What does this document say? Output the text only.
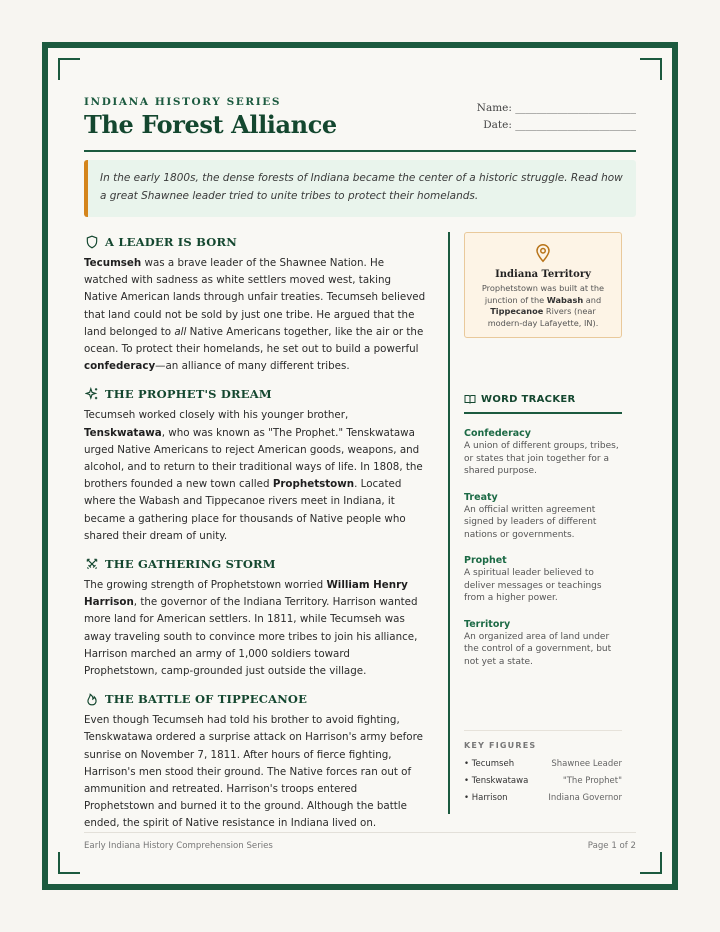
INDIANA HISTORY SERIES
The Forest Alliance
Name: _______________________
Date: _______________________
In the early 1800s, the dense forests of Indiana became the center of a historic struggle. Read how a great Shawnee leader tried to unite tribes to protect their homelands.
A LEADER IS BORN

Tecumseh was a brave leader of the Shawnee Nation. He watched with sadness as white settlers moved west, taking Native American lands through unfair treaties. Tecumseh believed that land could not be sold by just one tribe. He argued that the land belonged to all Native Americans together, like the air or the ocean. To protect their homelands, he set out to build a powerful confederacy—an alliance of many different tribes.

THE PROPHET'S DREAM

Tecumseh worked closely with his younger brother, Tenskwatawa, who was known as "The Prophet." Tenskwatawa urged Native Americans to reject American goods, weapons, and alcohol, and to return to their traditional ways of life. In 1808, the brothers founded a new town called Prophetstown. Located where the Wabash and Tippecanoe rivers meet in Indiana, it became a gathering place for thousands of Native people who shared their dream of unity.

THE GATHERING STORM

The growing strength of Prophetstown worried William Henry Harrison, the governor of the Indiana Territory. Harrison wanted more land for American settlers. In 1811, while Tecumseh was away traveling south to convince more tribes to join his alliance, Harrison marched an army of 1,000 soldiers toward Prophetstown, camp-grounded just outside the village.

THE BATTLE OF TIPPECANOE

Even though Tecumseh had told his brother to avoid fighting, Tenskwatawa ordered a surprise attack on Harrison's army before sunrise on November 7, 1811. After hours of fierce fighting, Harrison's men stood their ground. The Native forces ran out of ammunition and retreated. Harrison's troops entered Prophetstown and burned it to the ground. Although the battle ended, the spirit of Native resistance in Indiana lived on.

Indiana Territory
Prophetstown was built at the junction of the Wabash and Tippecanoe Rivers (near modern-day Lafayette, IN).
WORD TRACKER
Confederacy
A union of different groups, tribes, or states that join together for a shared purpose.
Treaty
An official written agreement signed by leaders of different nations or governments.
Prophet
A spiritual leader believed to deliver messages or teachings from a higher power.
Territory
An organized area of land under the control of a government, but not yet a state.
KEY FIGURES
• Tecumseh	Shawnee Leader
• Tenskwatawa	"The Prophet"
• Harrison	Indiana Governor
Early Indiana History Comprehension Series	Page 1 of 2
